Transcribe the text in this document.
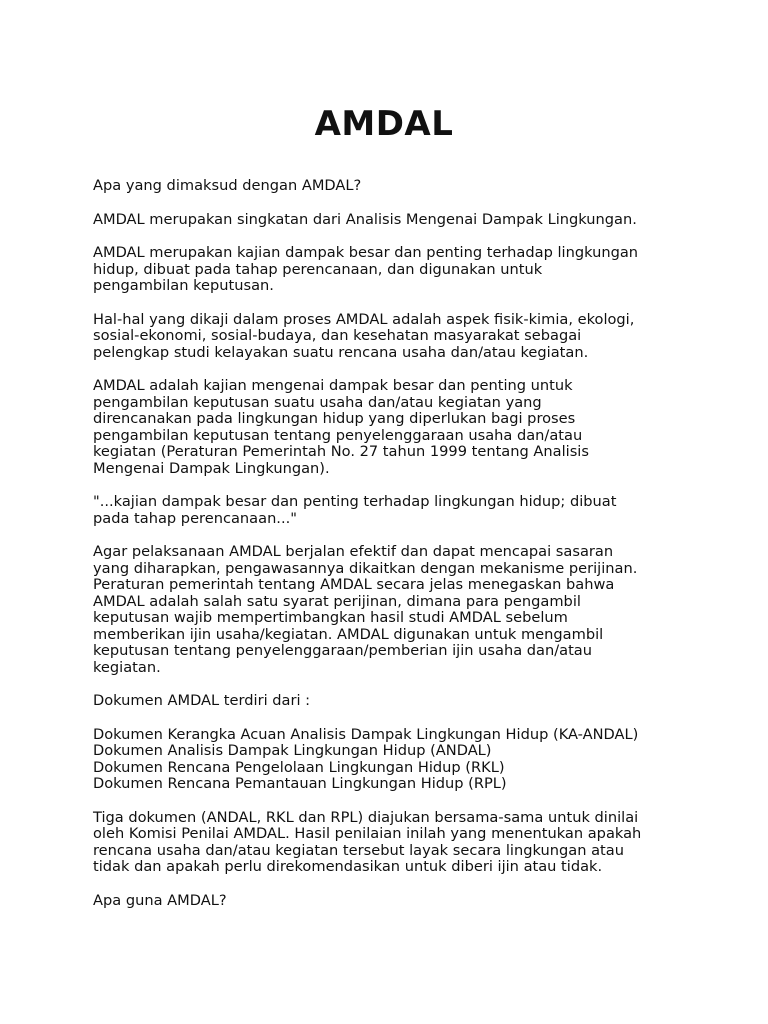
AMDAL
Apa yang dimaksud dengan AMDAL?
AMDAL merupakan singkatan dari Analisis Mengenai Dampak Lingkungan.
AMDAL merupakan kajian dampak besar dan penting terhadap lingkungan
hidup, dibuat pada tahap perencanaan, dan digunakan untuk
pengambilan keputusan.
Hal-hal yang dikaji dalam proses AMDAL adalah aspek fisik-kimia, ekologi,
sosial-ekonomi, sosial-budaya, dan kesehatan masyarakat sebagai
pelengkap studi kelayakan suatu rencana usaha dan/atau kegiatan.
AMDAL adalah kajian mengenai dampak besar dan penting untuk
pengambilan keputusan suatu usaha dan/atau kegiatan yang
direncanakan pada lingkungan hidup yang diperlukan bagi proses
pengambilan keputusan tentang penyelenggaraan usaha dan/atau
kegiatan (Peraturan Pemerintah No. 27 tahun 1999 tentang Analisis
Mengenai Dampak Lingkungan).
"...kajian dampak besar dan penting terhadap lingkungan hidup; dibuat
pada tahap perencanaan..."
Agar pelaksanaan AMDAL berjalan efektif dan dapat mencapai sasaran
yang diharapkan, pengawasannya dikaitkan dengan mekanisme perijinan.
Peraturan pemerintah tentang AMDAL secara jelas menegaskan bahwa
AMDAL adalah salah satu syarat perijinan, dimana para pengambil
keputusan wajib mempertimbangkan hasil studi AMDAL sebelum
memberikan ijin usaha/kegiatan. AMDAL digunakan untuk mengambil
keputusan tentang penyelenggaraan/pemberian ijin usaha dan/atau
kegiatan.
Dokumen AMDAL terdiri dari :
Dokumen Kerangka Acuan Analisis Dampak Lingkungan Hidup (KA-ANDAL)
Dokumen Analisis Dampak Lingkungan Hidup (ANDAL)
Dokumen Rencana Pengelolaan Lingkungan Hidup (RKL)
Dokumen Rencana Pemantauan Lingkungan Hidup (RPL)
Tiga dokumen (ANDAL, RKL dan RPL) diajukan bersama-sama untuk dinilai
oleh Komisi Penilai AMDAL. Hasil penilaian inilah yang menentukan apakah
rencana usaha dan/atau kegiatan tersebut layak secara lingkungan atau
tidak dan apakah perlu direkomendasikan untuk diberi ijin atau tidak.
Apa guna AMDAL?
